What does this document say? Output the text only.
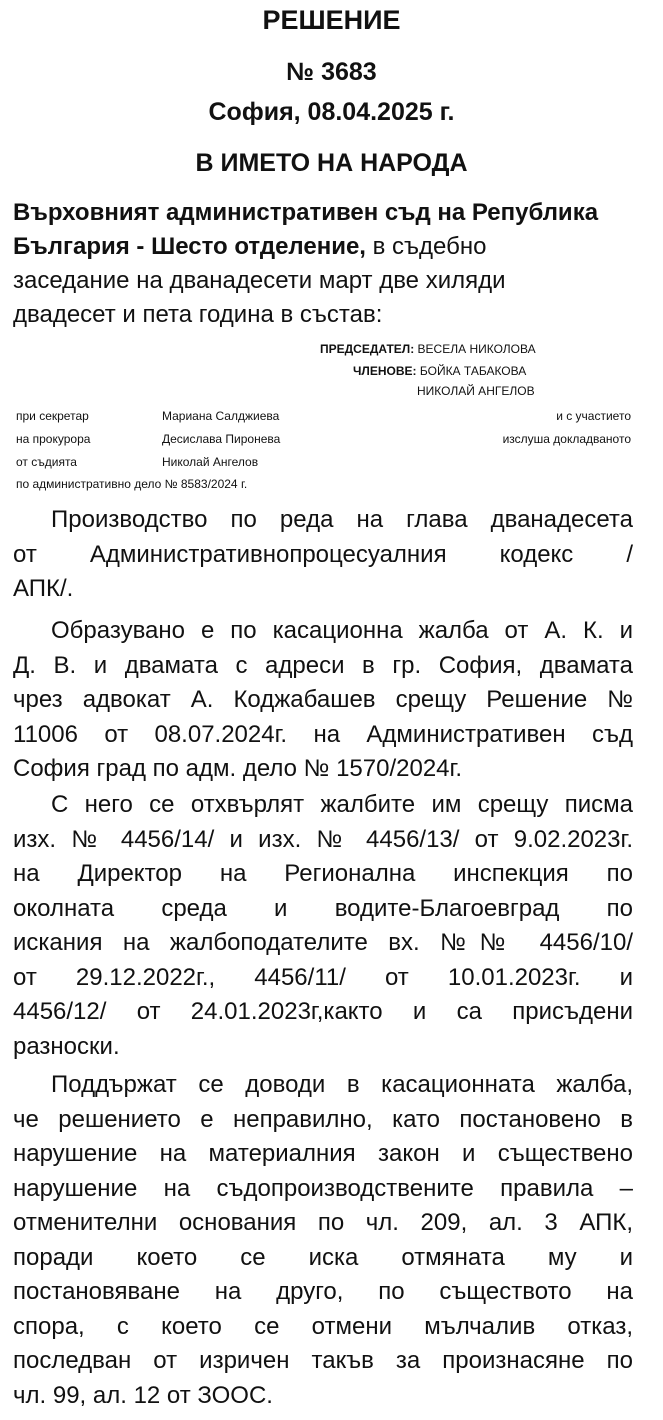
РЕШЕНИЕ
№ 3683
София, 08.04.2025 г.
В ИМЕТО НА НАРОДА
Върховният административен съд на Република
България - Шесто отделение, в съдебно
заседание на дванадесети март две хиляди
двадесет и пета година в състав:
ПРЕДСЕДАТЕЛ: ВЕСЕЛА НИКОЛОВА
ЧЛЕНОВЕ: БОЙКА ТАБАКОВА
НИКОЛАЙ АНГЕЛОВ
при секретар	Мариана Салджиева	и с участието
на прокурора	Десислава Пиронева	изслуша докладваното
от съдията	Николай Ангелов
по административно дело № 8583/2024 г.
Производство по реда на глава дванадесета
от Административнопроцесуалния кодекс /
АПК/.
Образувано е по касационна жалба от А. К. и
Д. В. и двамата с адреси в гр. София, двамата
чрез адвокат А. Коджабашев срещу Решение №
11006 от 08.07.2024г. на Административен съд
София град по адм. дело № 1570/2024г.
С него се отхвърлят жалбите им срещу писма
изх. № 4456/14/ и изх. № 4456/13/ от 9.02.2023г.
на Директор на Регионална инспекция по
околната среда и водите-Благоевград по
искания на жалбоподателите вх. №№ 4456/10/
от 29.12.2022г., 4456/11/ от 10.01.2023г. и
4456/12/ от 24.01.2023г,както и са присъдени
разноски.
Поддържат се доводи в касационната жалба,
че решението е неправилно, като постановено в
нарушение на материалния закон и съществено
нарушение на съдопроизводствените правила –
отменителни основания по чл. 209, ал. 3 АПК,
поради което се иска отмяната му и
постановяване на друго, по съществото на
спора, с което се отмени мълчалив отказ,
последван от изричен такъв за произнасяне по
чл. 99, ал. 12 от ЗООС.
